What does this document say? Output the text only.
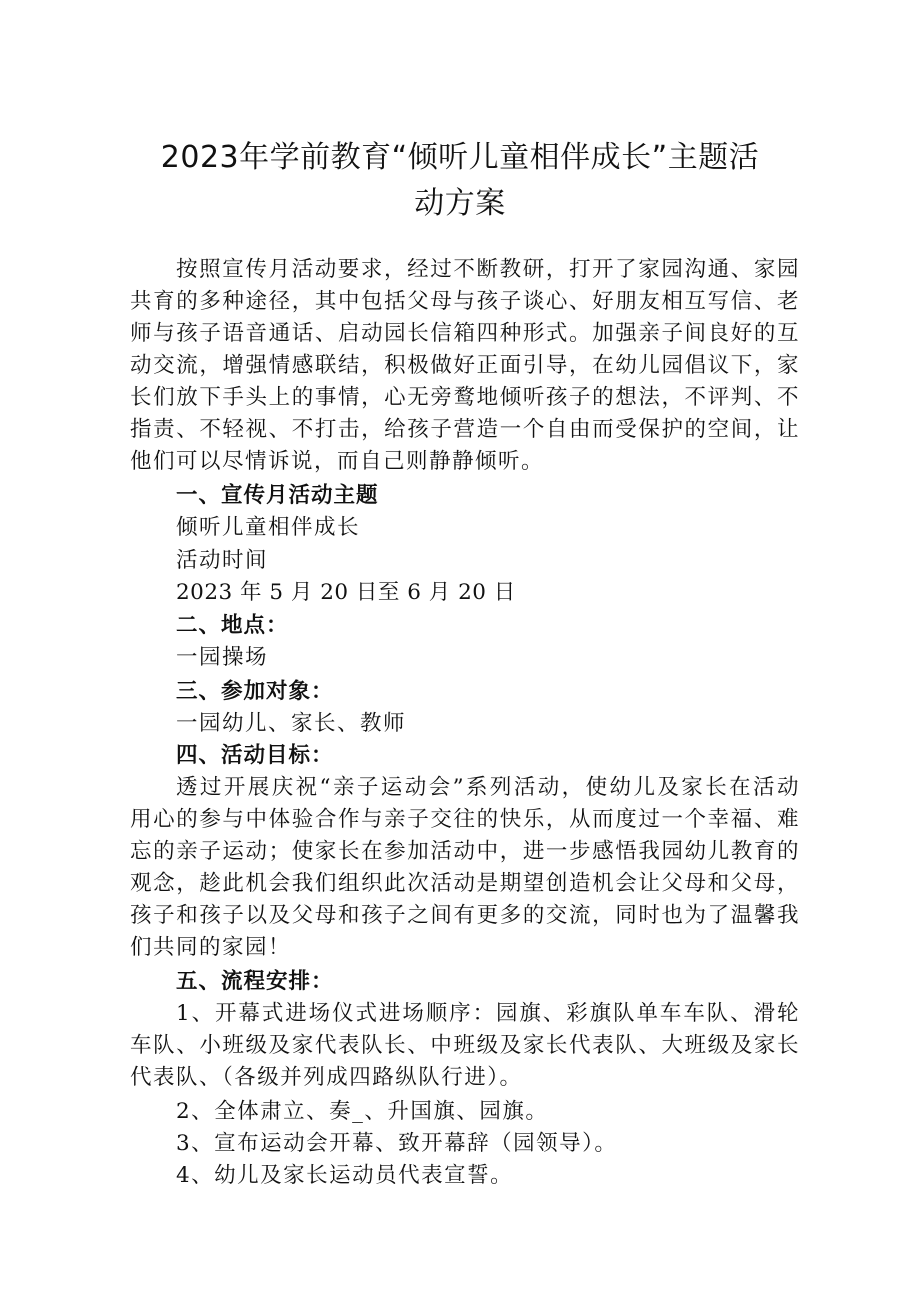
2023年学前教育“倾听儿童相伴成长”主题活
动方案
按照宣传月活动要求，经过不断教研，打开了家园沟通、家园
共育的多种途径，其中包括父母与孩子谈心、好朋友相互写信、老
师与孩子语音通话、启动园长信箱四种形式。加强亲子间良好的互
动交流，增强情感联结，积极做好正面引导，在幼儿园倡议下，家
长们放下手头上的事情，心无旁鹜地倾听孩子的想法，不评判、不
指责、不轻视、不打击，给孩子营造一个自由而受保护的空间，让
他们可以尽情诉说，而自己则静静倾听。
一、宣传月活动主题
倾听儿童相伴成长
活动时间
2023 年 5 月 20 日至 6 月 20 日
二、地点：
一园操场
三、参加对象：
一园幼儿、家长、教师
四、活动目标：
透过开展庆祝“亲子运动会”系列活动，使幼儿及家长在活动
用心的参与中体验合作与亲子交往的快乐，从而度过一个幸福、难
忘的亲子运动；使家长在参加活动中，进一步感悟我园幼儿教育的
观念，趁此机会我们组织此次活动是期望创造机会让父母和父母，
孩子和孩子以及父母和孩子之间有更多的交流，同时也为了温馨我
们共同的家园！
五、流程安排：
1、开幕式进场仪式进场顺序：园旗、彩旗队单车车队、滑轮
车队、小班级及家代表队长、中班级及家长代表队、大班级及家长
代表队、（各级并列成四路纵队行进）。
2、全体肃立、奏_、升国旗、园旗。
3、宣布运动会开幕、致开幕辞（园领导）。
4、幼儿及家长运动员代表宣誓。
